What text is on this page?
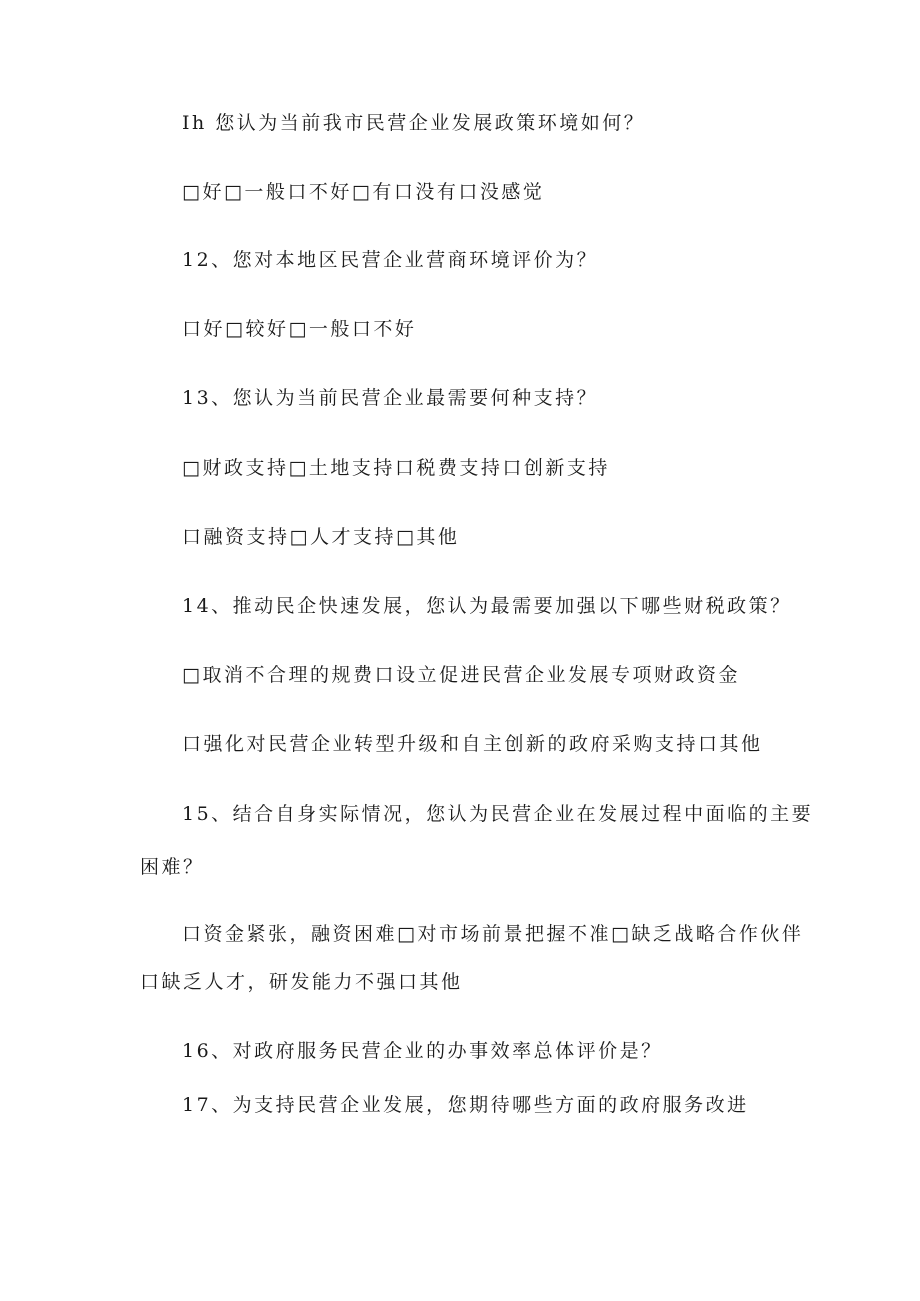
Ih 您认为当前我市民营企业发展政策环境如何？
□好□一般口不好□有口没有口没感觉
12、您对本地区民营企业营商环境评价为？
口好□较好□一般口不好
13、您认为当前民营企业最需要何种支持？
□财政支持□土地支持口税费支持口创新支持
口融资支持□人才支持□其他
14、推动民企快速发展，您认为最需要加强以下哪些财税政策？
□取消不合理的规费口设立促进民营企业发展专项财政资金
口强化对民营企业转型升级和自主创新的政府采购支持口其他
15、结合自身实际情况，您认为民营企业在发展过程中面临的主要
困难？
口资金紧张，融资困难□对市场前景把握不准□缺乏战略合作伙伴
口缺乏人才，研发能力不强口其他
16、对政府服务民营企业的办事效率总体评价是？
17、为支持民营企业发展，您期待哪些方面的政府服务改进
